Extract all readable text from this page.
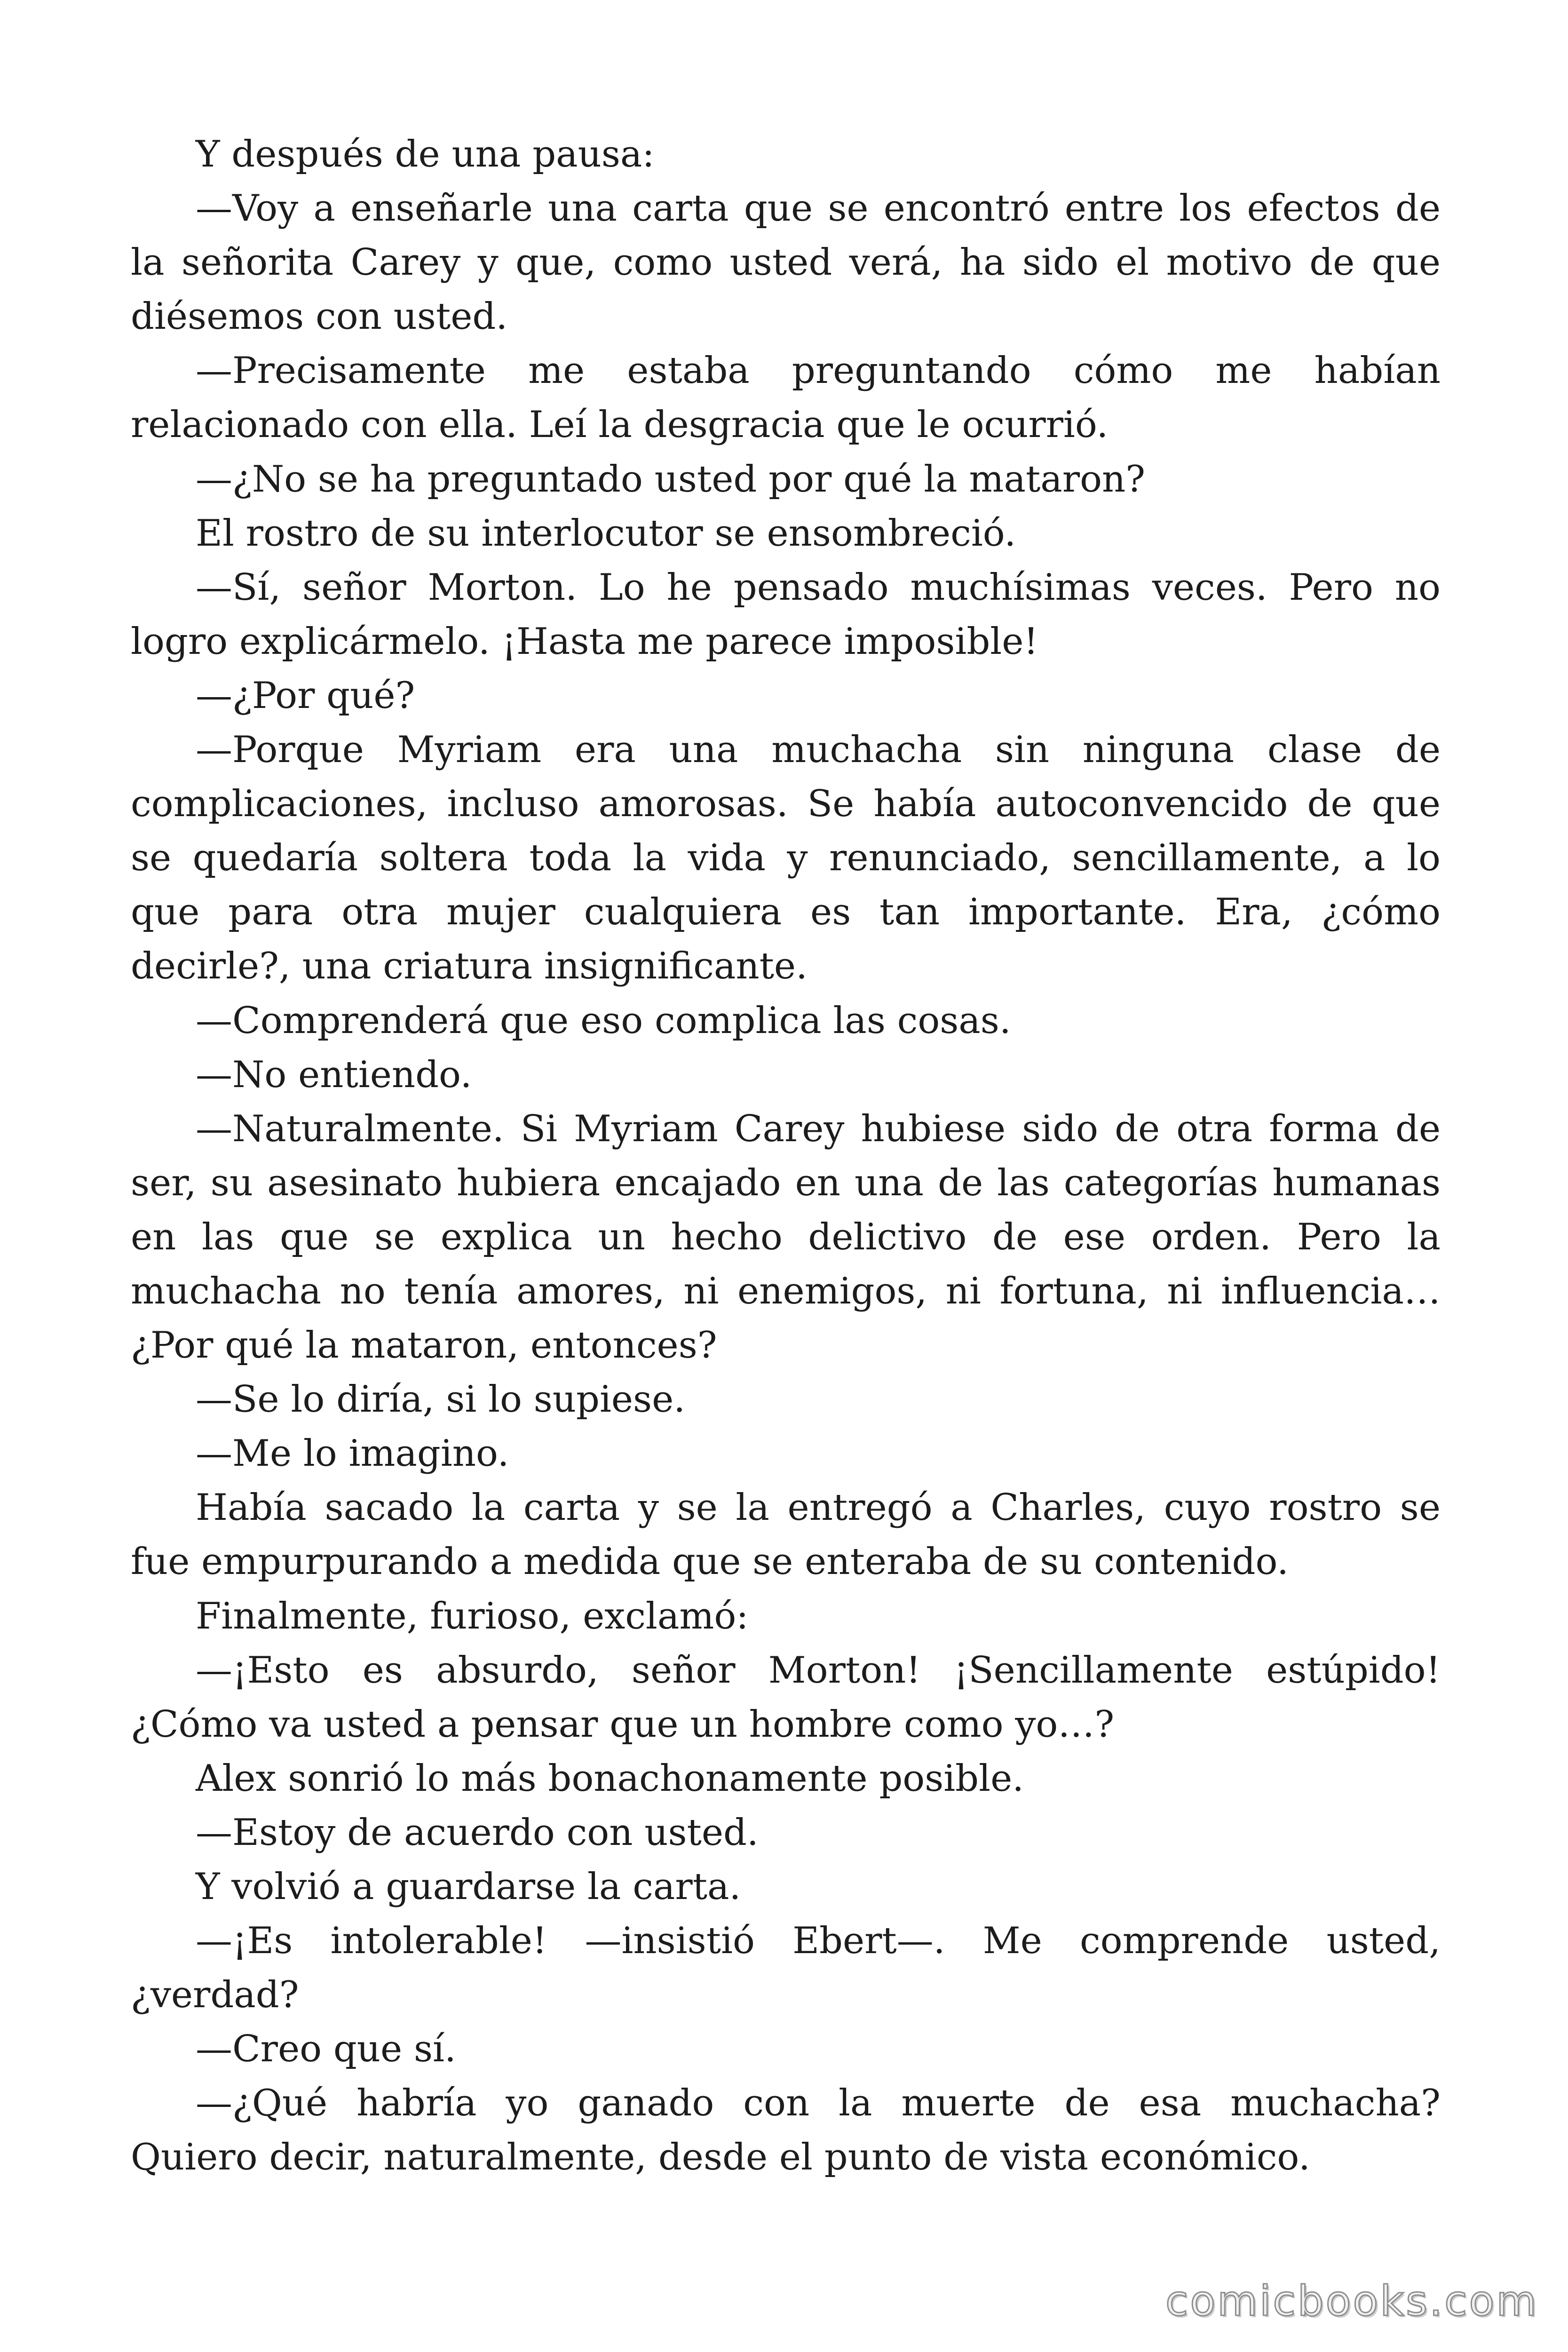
Y después de una pausa:
—Voy a enseñarle una carta que se encontró entre los efectos de
la señorita Carey y que, como usted verá, ha sido el motivo de que
diésemos con usted.
—Precisamente me estaba preguntando cómo me habían
relacionado con ella. Leí la desgracia que le ocurrió.
—¿No se ha preguntado usted por qué la mataron?
El rostro de su interlocutor se ensombreció.
—Sí, señor Morton. Lo he pensado muchísimas veces. Pero no
logro explicármelo. ¡Hasta me parece imposible!
—¿Por qué?
—Porque Myriam era una muchacha sin ninguna clase de
complicaciones, incluso amorosas. Se había autoconvencido de que
se quedaría soltera toda la vida y renunciado, sencillamente, a lo
que para otra mujer cualquiera es tan importante. Era, ¿cómo
decirle?, una criatura insignificante.
—Comprenderá que eso complica las cosas.
—No entiendo.
—Naturalmente. Si Myriam Carey hubiese sido de otra forma de
ser, su asesinato hubiera encajado en una de las categorías humanas
en las que se explica un hecho delictivo de ese orden. Pero la
muchacha no tenía amores, ni enemigos, ni fortuna, ni influencia…
¿Por qué la mataron, entonces?
—Se lo diría, si lo supiese.
—Me lo imagino.
Había sacado la carta y se la entregó a Charles, cuyo rostro se
fue empurpurando a medida que se enteraba de su contenido.
Finalmente, furioso, exclamó:
—¡Esto es absurdo, señor Morton! ¡Sencillamente estúpido!
¿Cómo va usted a pensar que un hombre como yo…?
Alex sonrió lo más bonachonamente posible.
—Estoy de acuerdo con usted.
Y volvió a guardarse la carta.
—¡Es intolerable! —insistió Ebert—. Me comprende usted,
¿verdad?
—Creo que sí.
—¿Qué habría yo ganado con la muerte de esa muchacha?
Quiero decir, naturalmente, desde el punto de vista económico.
comicbooks.com
